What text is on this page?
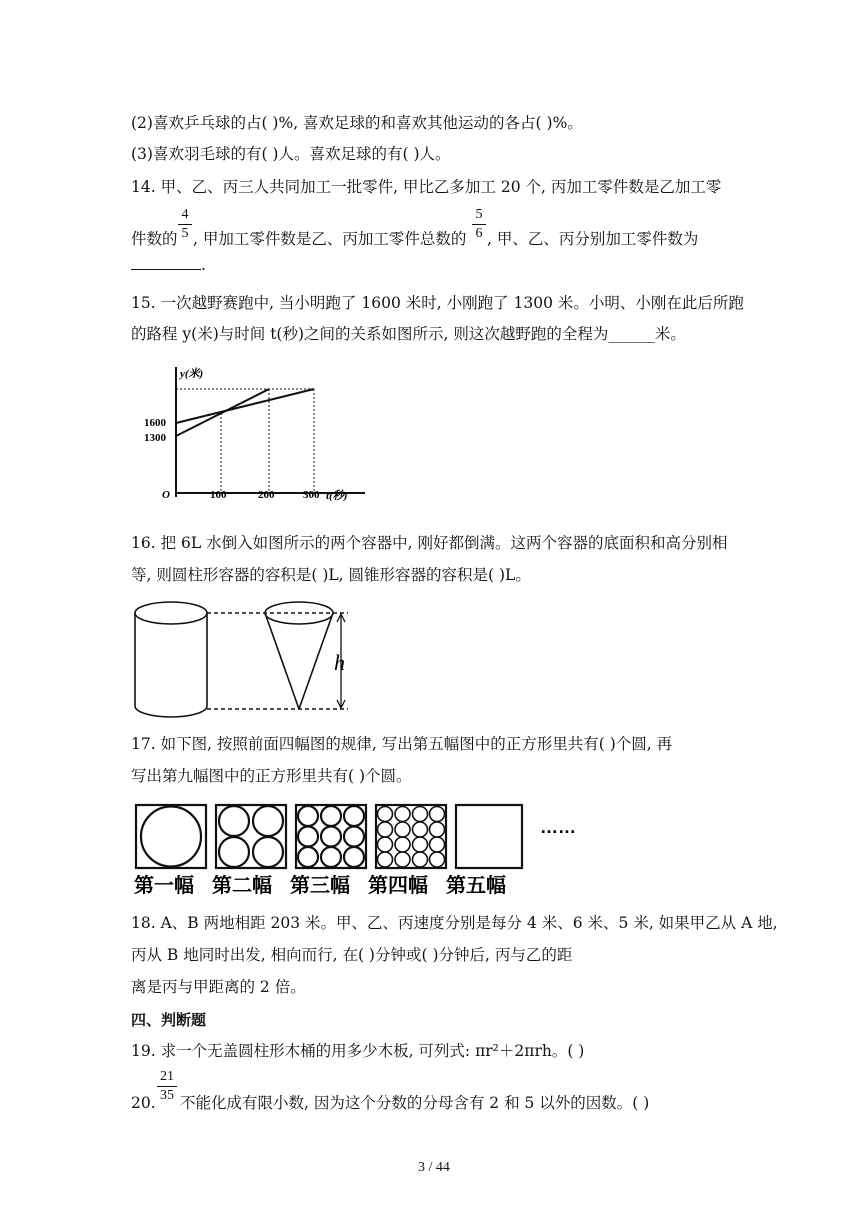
(2)喜欢乒乓球的占( )%, 喜欢足球的和喜欢其他运动的各占( )%。
(3)喜欢羽毛球的有( )人。喜欢足球的有( )人。
14. 甲、乙、丙三人共同加工一批零件, 甲比乙多加工 20 个, 丙加工零件数是乙加工零
件数的
4
5 , 甲加工零件数是乙、丙加工零件总数的
5
6 , 甲、乙、丙分别加工零件数为
.
15. 一次越野赛跑中, 当小明跑了 1600 米时, 小刚跑了 1300 米。小明、小刚在此后所跑
的路程 y(米)与时间 t(秒)之间的关系如图所示, 则这次越野跑的全程为______米。
y(米)
1600
1300
O	100	200	300 t(秒)
16. 把 6L 水倒入如图所示的两个容器中, 刚好都倒满。这两个容器的底面积和高分别相
等, 则圆柱形容器的容积是( )L, 圆锥形容器的容积是( )L。
h
17. 如下图, 按照前面四幅图的规律, 写出第五幅图中的正方形里共有( )个圆, 再
写出第九幅图中的正方形里共有( )个圆。
……
第一幅 第二幅 第三幅 第四幅 第五幅
18. A、B 两地相距 203 米。甲、乙、丙速度分别是每分 4 米、6 米、5 米, 如果甲乙从 A 地,
丙从 B 地同时出发, 相向而行, 在( )分钟或( )分钟后, 丙与乙的距
离是丙与甲距离的 2 倍。
四、判断题
19. 求一个无盖圆柱形木桶的用多少木板, 可列式: πr²＋2πrh。( )
20.
21
35 不能化成有限小数, 因为这个分数的分母含有 2 和 5 以外的因数。( )
3 / 44
